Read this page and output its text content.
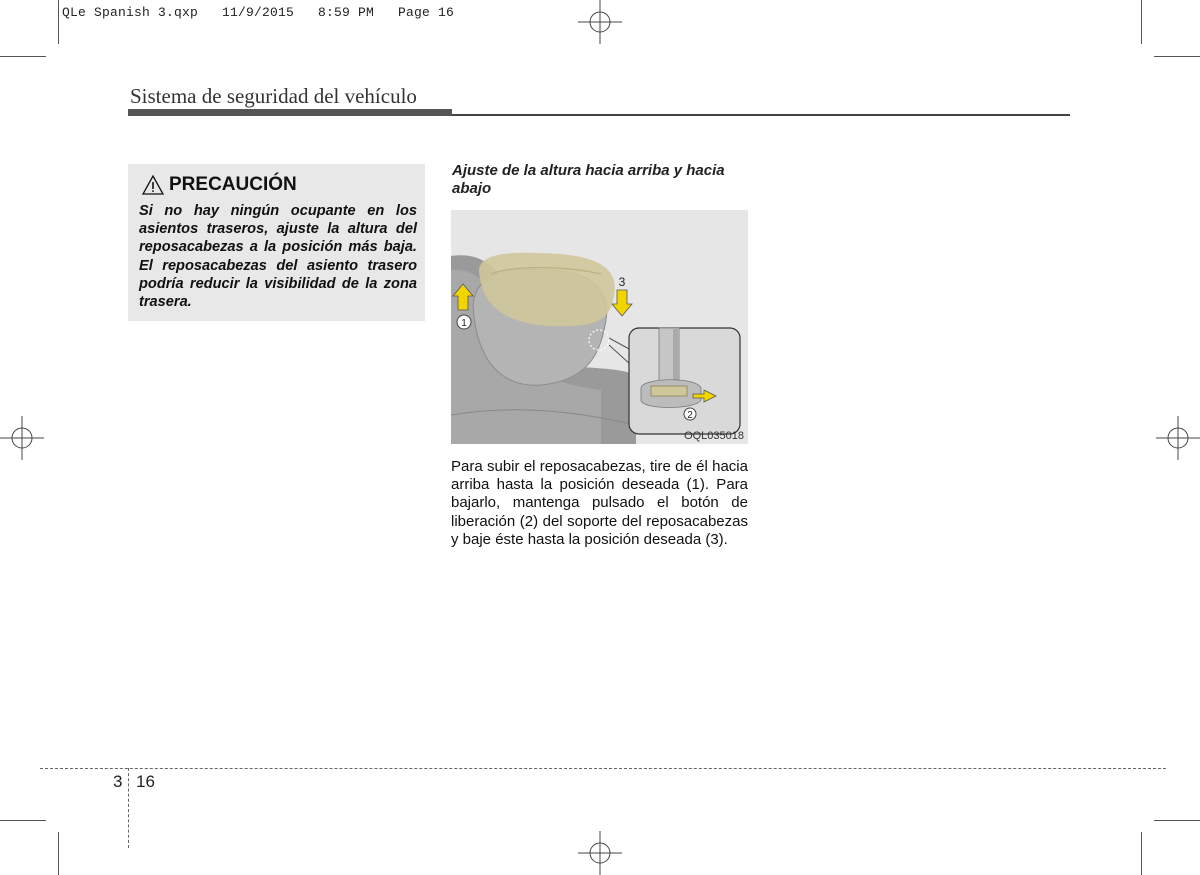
QLe Spanish 3.qxp   11/9/2015   8:59 PM   Page 16
Sistema de seguridad del vehículo
PRECAUCIÓN
Si no hay ningún ocupante en los asientos traseros, ajuste la altura del reposacabezas a la posición más baja. El reposacabezas del asiento trasero podría reducir la visibilidad de la zona trasera.
Ajuste de la altura hacia arriba y hacia abajo
1
3
2
OQL035018
Para subir el reposacabezas, tire de él hacia arriba hasta la posición deseada (1). Para bajarlo, mantenga pulsado el botón de liberación (2) del soporte del reposacabezas y baje éste hasta la posición deseada (3).
3 16
